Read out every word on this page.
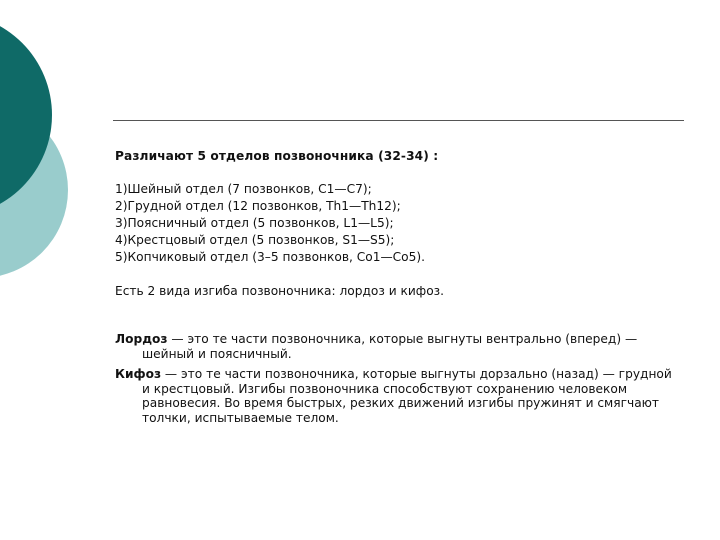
Различают 5 отделов позвоночника (32-34) :

1)Шейный отдел (7 позвонков, C1—C7);
2)Грудной отдел (12 позвонков, Th1—Th12);
3)Поясничный отдел (5 позвонков, L1—L5);
4)Крестцовый отдел (5 позвонков, S1—S5);
5)Копчиковый отдел (3–5 позвонков, Co1—Co5).

Есть 2 вида изгиба позвоночника: лордоз и кифоз.

Лордоз — это те части позвоночника, которые выгнуты вентрально (вперед) — шейный и поясничный.

Кифоз — это те части позвоночника, которые выгнуты дорзально (назад) — грудной и крестцовый. Изгибы позвоночника способствуют сохранению человеком равновесия. Во время быстрых, резких движений изгибы пружинят и смягчают толчки, испытываемые телом.
